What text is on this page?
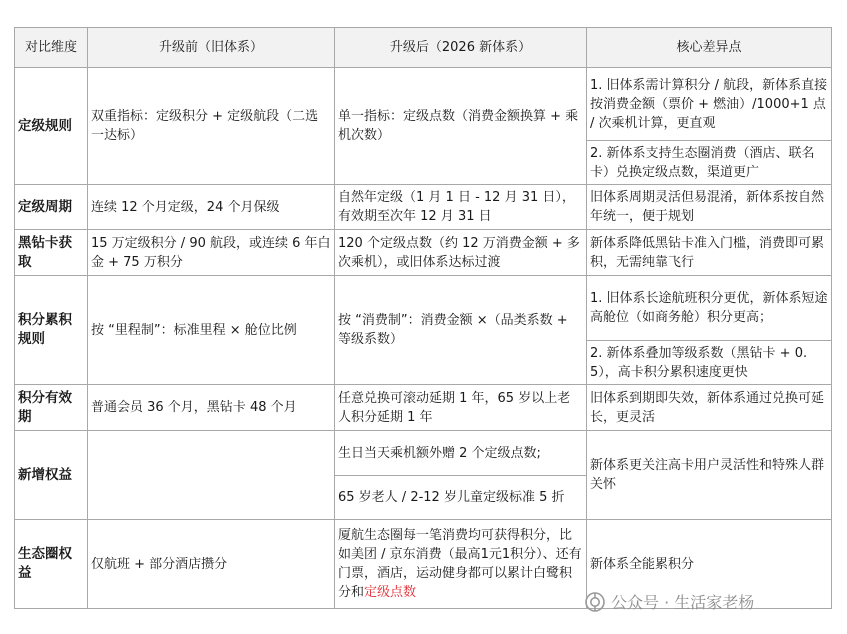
对比维度	升级前（旧体系）	升级后（2026 新体系）	核心差异点
定级规则	双重指标：定级积分 + 定级航段（二选一达标）	单一指标：定级点数（消费金额换算 + 乘机次数）	1. 旧体系需计算积分 / 航段，新体系直接按消费金额（票价 + 燃油）/1000+1 点 / 次乘机计算，更直观
			2. 新体系支持生态圈消费（酒店、联名卡）兑换定级点数，渠道更广
定级周期	连续 12 个月定级，24 个月保级	自然年定级（1 月 1 日 - 12 月 31 日），有效期至次年 12 月 31 日	旧体系周期灵活但易混淆，新体系按自然年统一，便于规划
黑钻卡获取	15 万定级积分 / 90 航段，或连续 6 年白金 + 75 万积分	120 个定级点数（约 12 万消费金额 + 多次乘机），或旧体系达标过渡	新体系降低黑钻卡准入门槛，消费即可累积，无需纯靠飞行
积分累积规则	按 “里程制”：标准里程 × 舱位比例	按 “消费制”：消费金额 ×（品类系数 + 等级系数）	1. 旧体系长途航班积分更优，新体系短途高舱位（如商务舱）积分更高；
			2. 新体系叠加等级系数（黑钻卡 + 0.5），高卡积分累积速度更快
积分有效期	普通会员 36 个月，黑钻卡 48 个月	任意兑换可滚动延期 1 年，65 岁以上老人积分延期 1 年	旧体系到期即失效，新体系通过兑换可延长，更灵活
新增权益		生日当天乘机额外赠 2 个定级点数;	新体系更关注高卡用户灵活性和特殊人群关怀
		65 岁老人 / 2-12 岁儿童定级标准 5 折	
生态圈权益	仅航班 + 部分酒店攒分	厦航生态圈每一笔消费均可获得积分，比如美团 / 京东消费（最高1元1积分）、还有门票，酒店，运动健身都可以累计白鹭积分和定级点数	新体系全能累积分
公众号 · 生活家老杨
